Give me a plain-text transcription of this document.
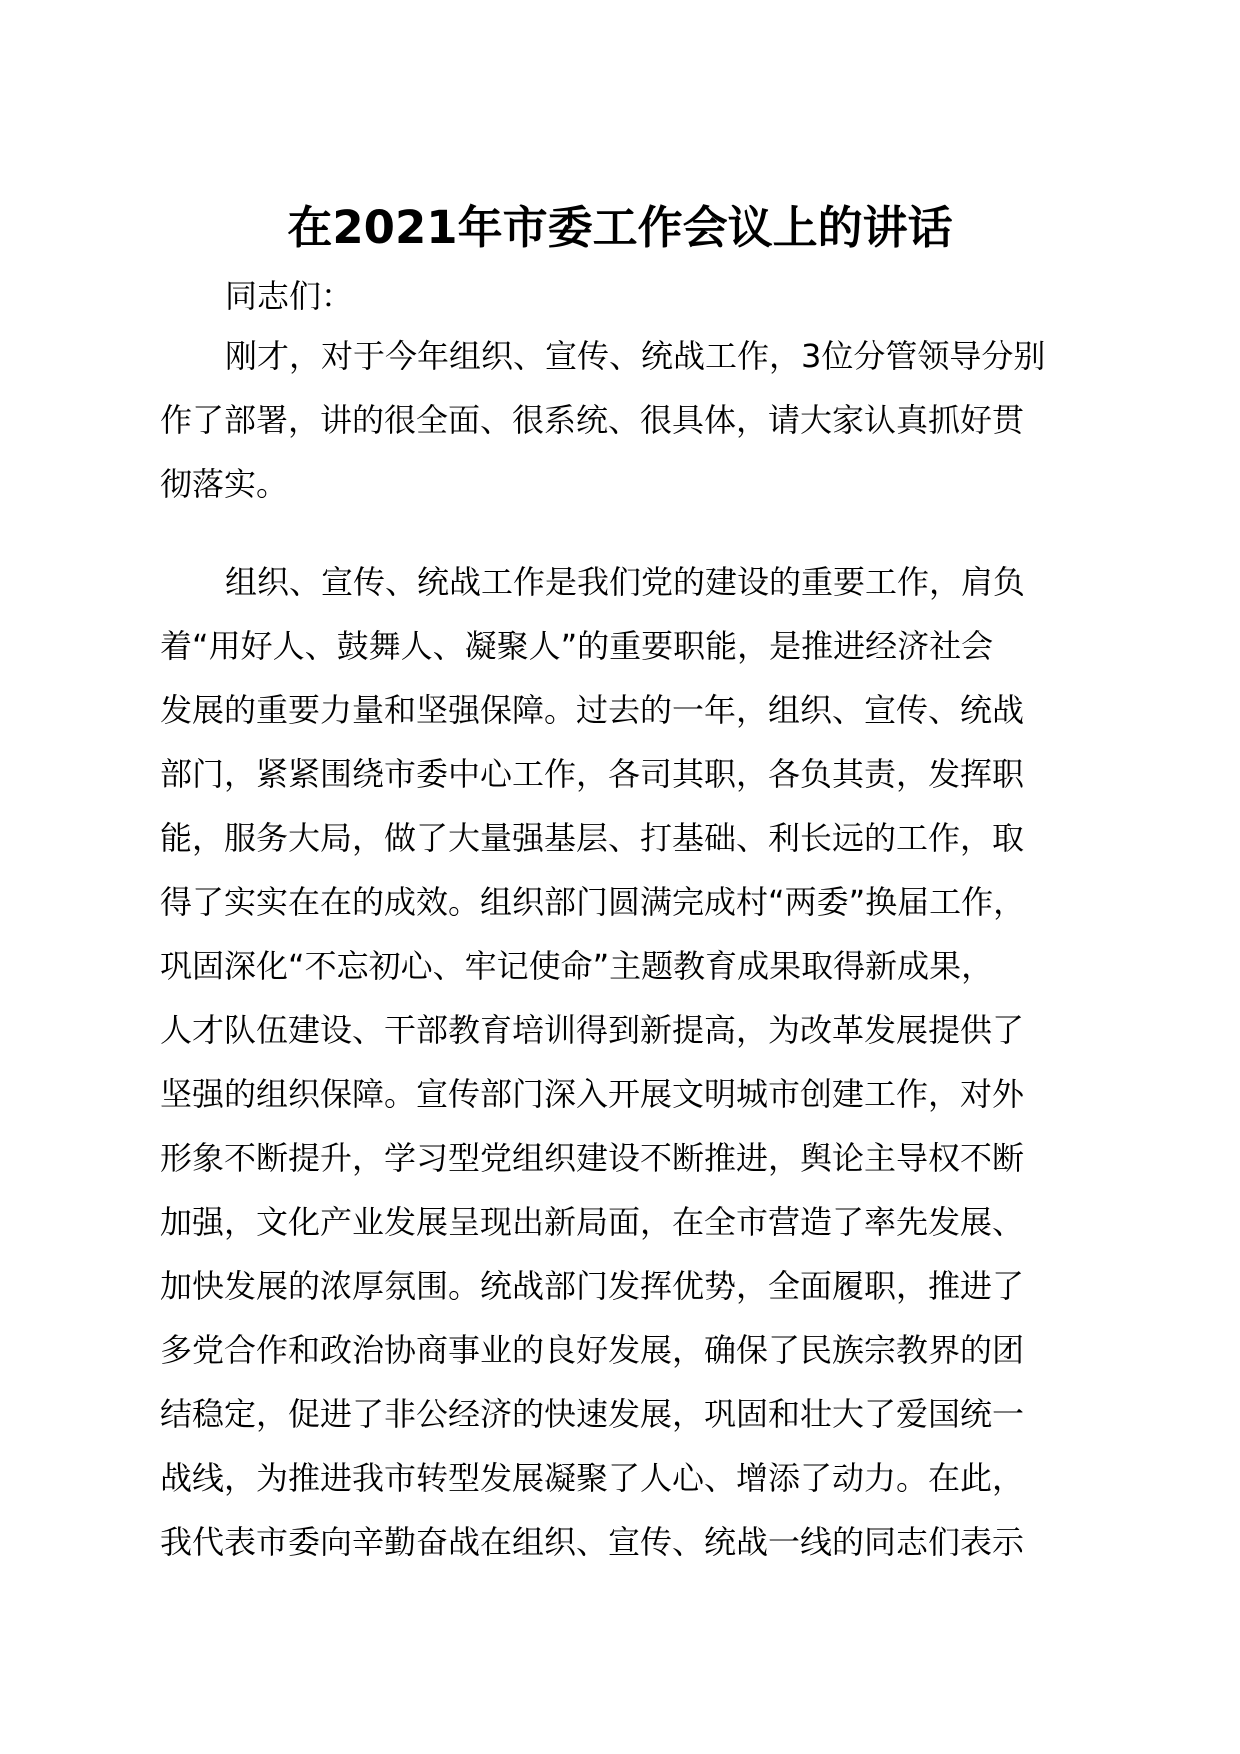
在2021年市委工作会议上的讲话
同志们：
刚才，对于今年组织、宣传、统战工作，3位分管领导分别
作了部署，讲的很全面、很系统、很具体，请大家认真抓好贯
彻落实。
组织、宣传、统战工作是我们党的建设的重要工作，肩负
着“用好人、鼓舞人、凝聚人”的重要职能，是推进经济社会
发展的重要力量和坚强保障。过去的一年，组织、宣传、统战
部门，紧紧围绕市委中心工作，各司其职，各负其责，发挥职
能，服务大局，做了大量强基层、打基础、利长远的工作，取
得了实实在在的成效。组织部门圆满完成村“两委”换届工作，
巩固深化“不忘初心、牢记使命”主题教育成果取得新成果，
人才队伍建设、干部教育培训得到新提高，为改革发展提供了
坚强的组织保障。宣传部门深入开展文明城市创建工作，对外
形象不断提升，学习型党组织建设不断推进，舆论主导权不断
加强，文化产业发展呈现出新局面，在全市营造了率先发展、
加快发展的浓厚氛围。统战部门发挥优势，全面履职，推进了
多党合作和政治协商事业的良好发展，确保了民族宗教界的团
结稳定，促进了非公经济的快速发展，巩固和壮大了爱国统一
战线，为推进我市转型发展凝聚了人心、增添了动力。在此，
我代表市委向辛勤奋战在组织、宣传、统战一线的同志们表示
